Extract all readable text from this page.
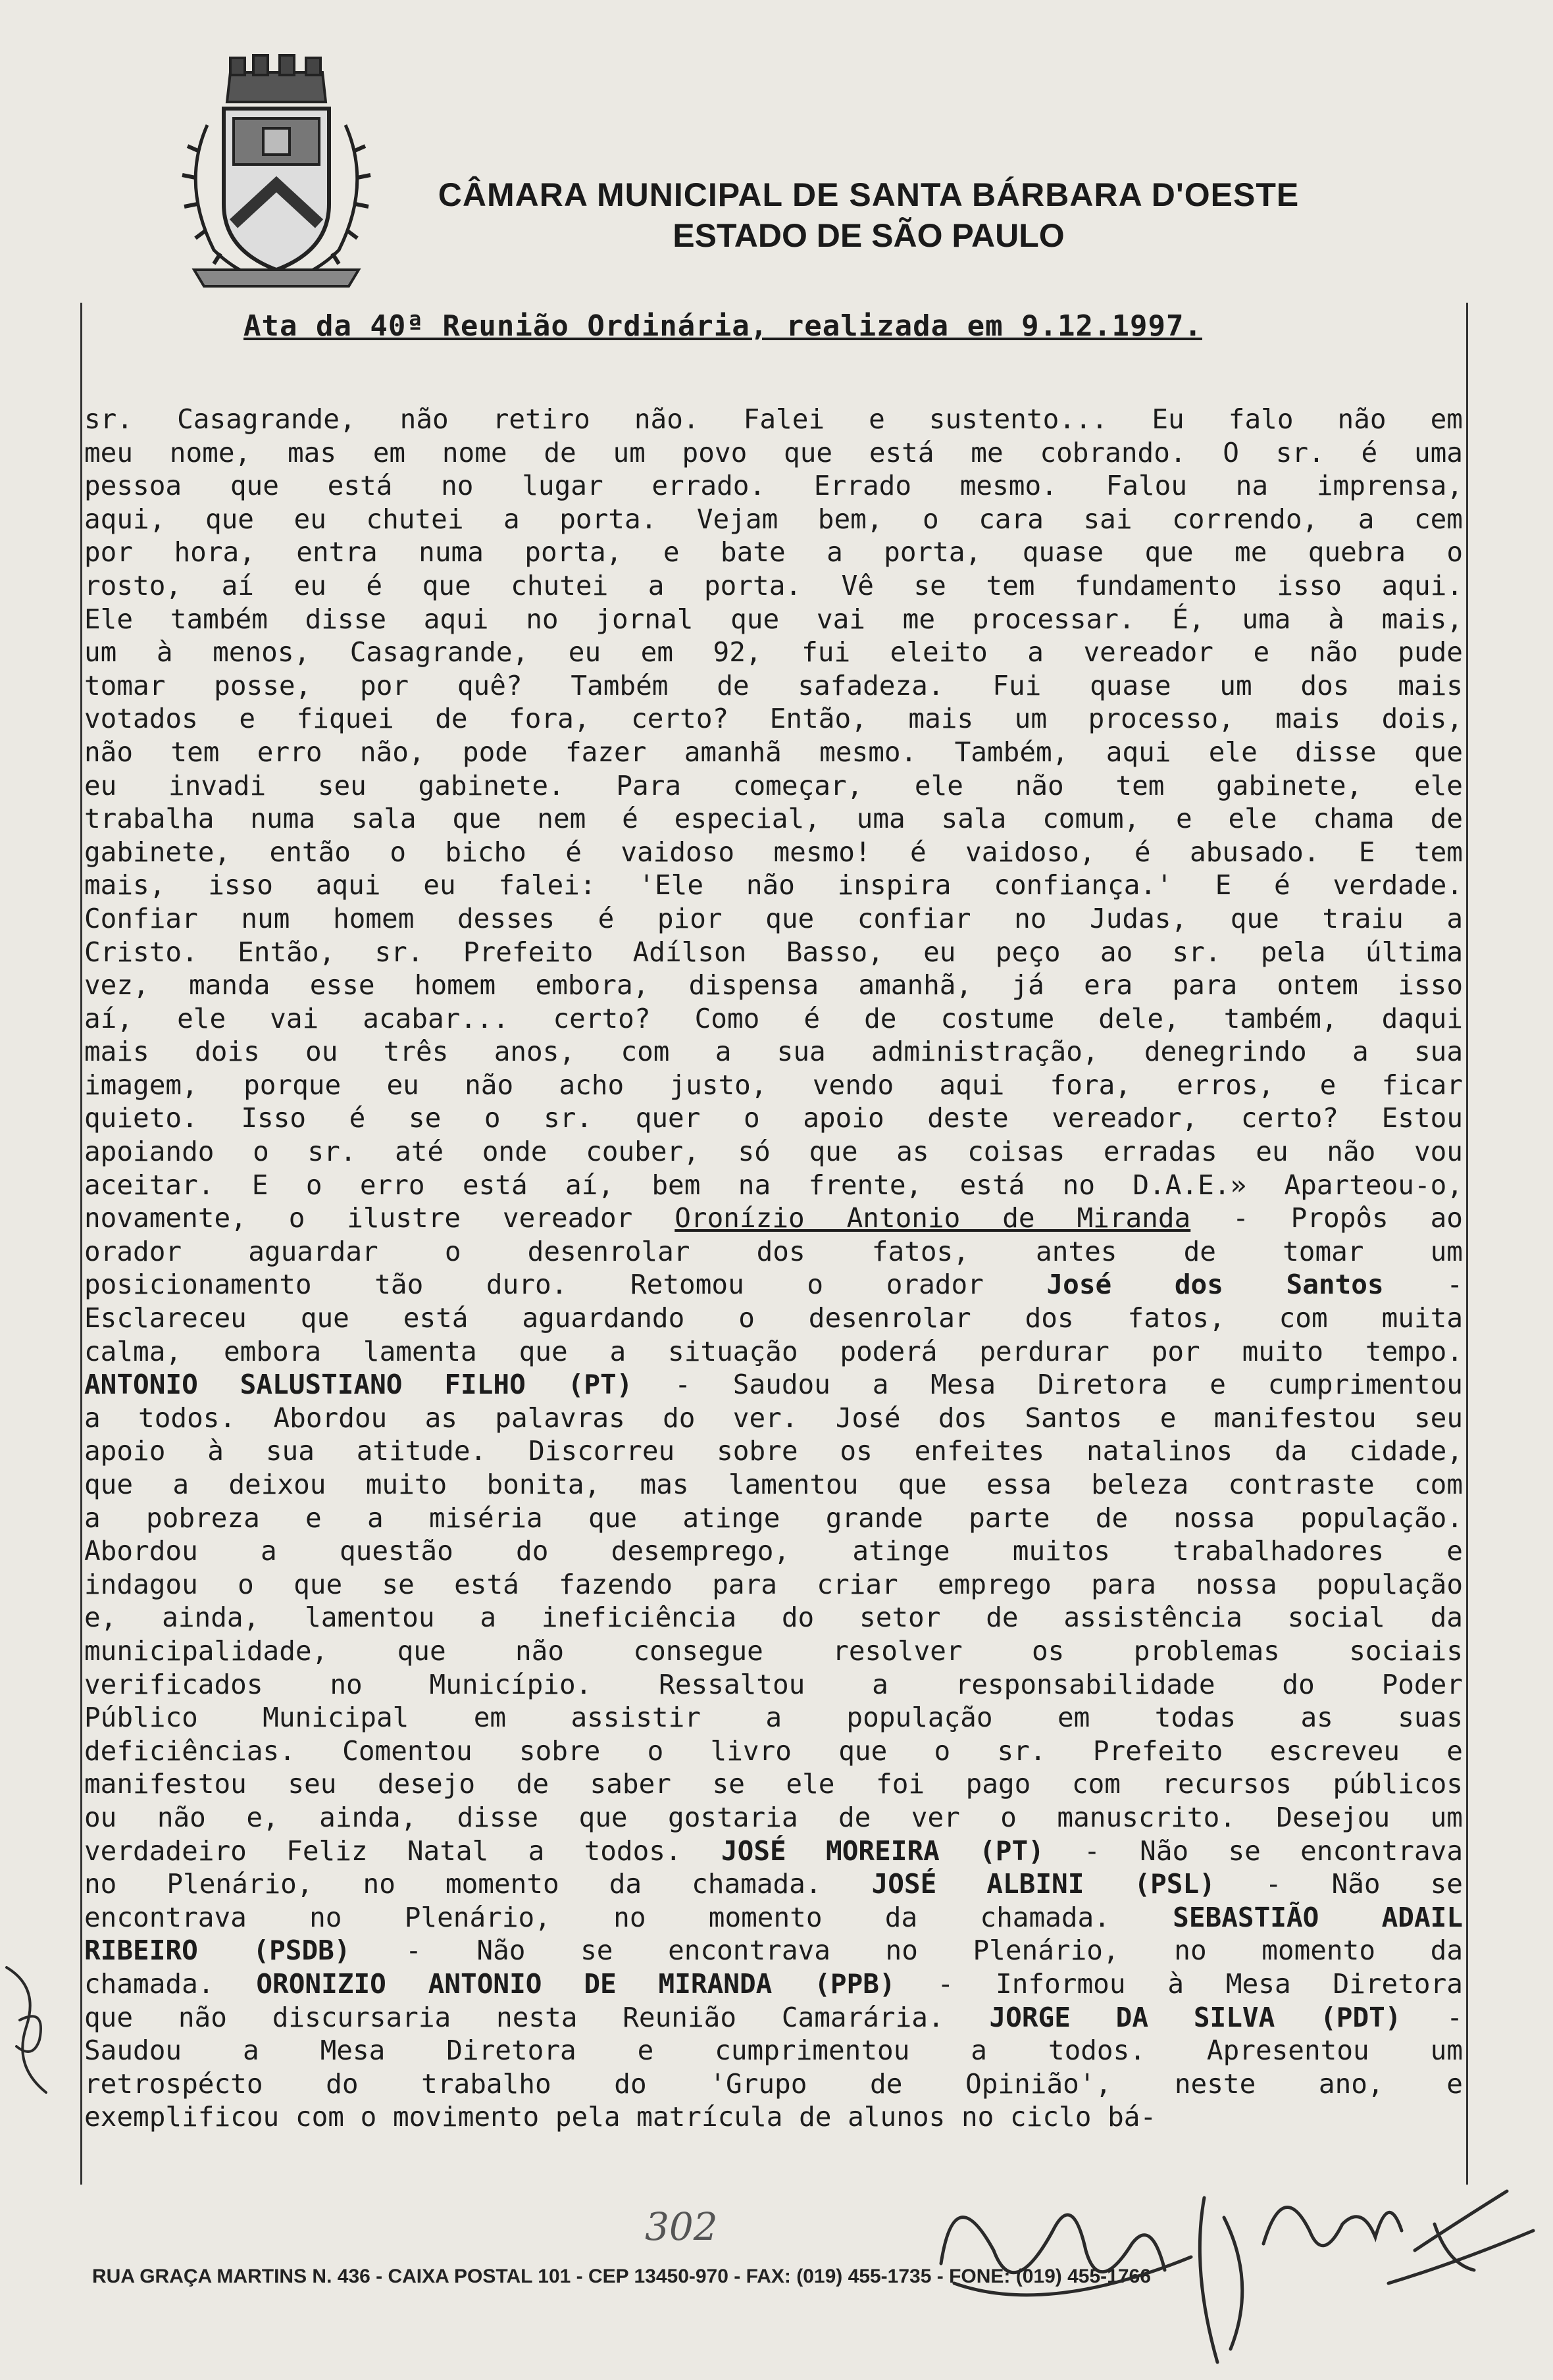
CÂMARA MUNICIPAL DE SANTA BÁRBARA D'OESTE
ESTADO DE SÃO PAULO
Ata da 40ª Reunião Ordinária, realizada em 9.12.1997.
sr. Casagrande, não retiro não. Falei e sustento... Eu falo não em
meu nome, mas em nome de um povo que está me cobrando. O sr. é uma
pessoa que está no lugar errado. Errado mesmo. Falou na imprensa,
aqui, que eu chutei a porta. Vejam bem, o cara sai correndo, a cem
por hora, entra numa porta, e bate a porta, quase que me quebra o
rosto, aí eu é que chutei a porta. Vê se tem fundamento isso aqui.
Ele também disse aqui no jornal que vai me processar. É, uma à mais,
um à menos, Casagrande, eu em 92, fui eleito a vereador e não pude
tomar posse, por quê? Também de safadeza. Fui quase um dos mais
votados e fiquei de fora, certo? Então, mais um processo, mais dois,
não tem erro não, pode fazer amanhã mesmo. Também, aqui ele disse que
eu invadi seu gabinete. Para começar, ele não tem gabinete, ele
trabalha numa sala que nem é especial, uma sala comum, e ele chama de
gabinete, então o bicho é vaidoso mesmo! é vaidoso, é abusado. E tem
mais, isso aqui eu falei: 'Ele não inspira confiança.' E é verdade.
Confiar num homem desses é pior que confiar no Judas, que traiu a
Cristo. Então, sr. Prefeito Adílson Basso, eu peço ao sr. pela última
vez, manda esse homem embora, dispensa amanhã, já era para ontem isso
aí, ele vai acabar... certo? Como é de costume dele, também, daqui
mais dois ou três anos, com a sua administração, denegrindo a sua
imagem, porque eu não acho justo, vendo aqui fora, erros, e ficar
quieto. Isso é se o sr. quer o apoio deste vereador, certo? Estou
apoiando o sr. até onde couber, só que as coisas erradas eu não vou
aceitar. E o erro está aí, bem na frente, está no D.A.E.» Aparteou-o,
novamente, o ilustre vereador Oronízio Antonio de Miranda - Propôs ao
orador aguardar o desenrolar dos fatos, antes de tomar um
posicionamento tão duro. Retomou o orador José dos Santos -
Esclareceu que está aguardando o desenrolar dos fatos, com muita
calma, embora lamenta que a situação poderá perdurar por muito tempo.
ANTONIO SALUSTIANO FILHO (PT) - Saudou a Mesa Diretora e cumprimentou
a todos. Abordou as palavras do ver. José dos Santos e manifestou seu
apoio à sua atitude. Discorreu sobre os enfeites natalinos da cidade,
que a deixou muito bonita, mas lamentou que essa beleza contraste com
a pobreza e a miséria que atinge grande parte de nossa população.
Abordou a questão do desemprego, atinge muitos trabalhadores e
indagou o que se está fazendo para criar emprego para nossa população
e, ainda, lamentou a ineficiência do setor de assistência social da
municipalidade, que não consegue resolver os problemas sociais
verificados no Município. Ressaltou a responsabilidade do Poder
Público Municipal em assistir a população em todas as suas
deficiências. Comentou sobre o livro que o sr. Prefeito escreveu e
manifestou seu desejo de saber se ele foi pago com recursos públicos
ou não e, ainda, disse que gostaria de ver o manuscrito. Desejou um
verdadeiro Feliz Natal a todos. JOSÉ MOREIRA (PT) - Não se encontrava
no Plenário, no momento da chamada. JOSÉ ALBINI (PSL) - Não se
encontrava no Plenário, no momento da chamada. SEBASTIÃO ADAIL
RIBEIRO (PSDB) - Não se encontrava no Plenário, no momento da
chamada. ORONIZIO ANTONIO DE MIRANDA (PPB) - Informou à Mesa Diretora
que não discursaria nesta Reunião Camarária. JORGE DA SILVA (PDT) -
Saudou a Mesa Diretora e cumprimentou a todos. Apresentou um
retrospécto do trabalho do 'Grupo de Opinião', neste ano, e
exemplificou com o movimento pela matrícula de alunos no ciclo bá-
302
RUA GRAÇA MARTINS N. 436 - CAIXA POSTAL 101 - CEP 13450-970 - FAX: (019) 455-1735 - FONE: (019) 455-1766
